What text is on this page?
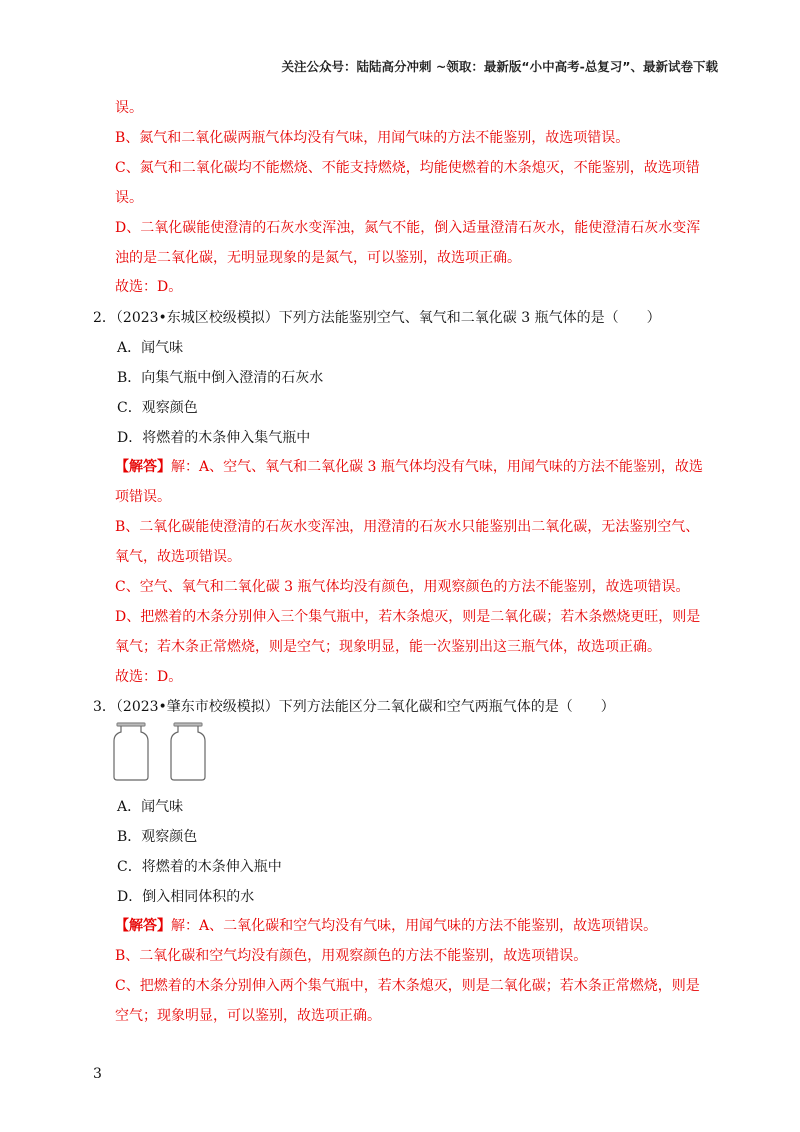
关注公众号：陆陆高分冲刺 ~领取：最新版“小中高考-总复习”、最新试卷下载
误。
B、氮气和二氧化碳两瓶气体均没有气味，用闻气味的方法不能鉴别，故选项错误。
C、氮气和二氧化碳均不能燃烧、不能支持燃烧，均能使燃着的木条熄灭，不能鉴别，故选项错
误。
D、二氧化碳能使澄清的石灰水变浑浊，氮气不能，倒入适量澄清石灰水，能使澄清石灰水变浑
浊的是二氧化碳，无明显现象的是氮气，可以鉴别，故选项正确。
故选：D。
2．（2023•东城区校级模拟）下列方法能鉴别空气、氧气和二氧化碳 3 瓶气体的是（　　）
A．闻气味
B．向集气瓶中倒入澄清的石灰水
C．观察颜色
D．将燃着的木条伸入集气瓶中
【解答】解：A、空气、氧气和二氧化碳 3 瓶气体均没有气味，用闻气味的方法不能鉴别，故选
项错误。
B、二氧化碳能使澄清的石灰水变浑浊，用澄清的石灰水只能鉴别出二氧化碳，无法鉴别空气、
氧气，故选项错误。
C、空气、氧气和二氧化碳 3 瓶气体均没有颜色，用观察颜色的方法不能鉴别，故选项错误。
D、把燃着的木条分别伸入三个集气瓶中，若木条熄灭，则是二氧化碳；若木条燃烧更旺，则是
氧气；若木条正常燃烧，则是空气；现象明显，能一次鉴别出这三瓶气体，故选项正确。
故选：D。
3．（2023•肇东市校级模拟）下列方法能区分二氧化碳和空气两瓶气体的是（　　）
A．闻气味
B．观察颜色
C．将燃着的木条伸入瓶中
D．倒入相同体积的水
【解答】解：A、二氧化碳和空气均没有气味，用闻气味的方法不能鉴别，故选项错误。
B、二氧化碳和空气均没有颜色，用观察颜色的方法不能鉴别，故选项错误。
C、把燃着的木条分别伸入两个集气瓶中，若木条熄灭，则是二氧化碳；若木条正常燃烧，则是
空气；现象明显，可以鉴别，故选项正确。
3
